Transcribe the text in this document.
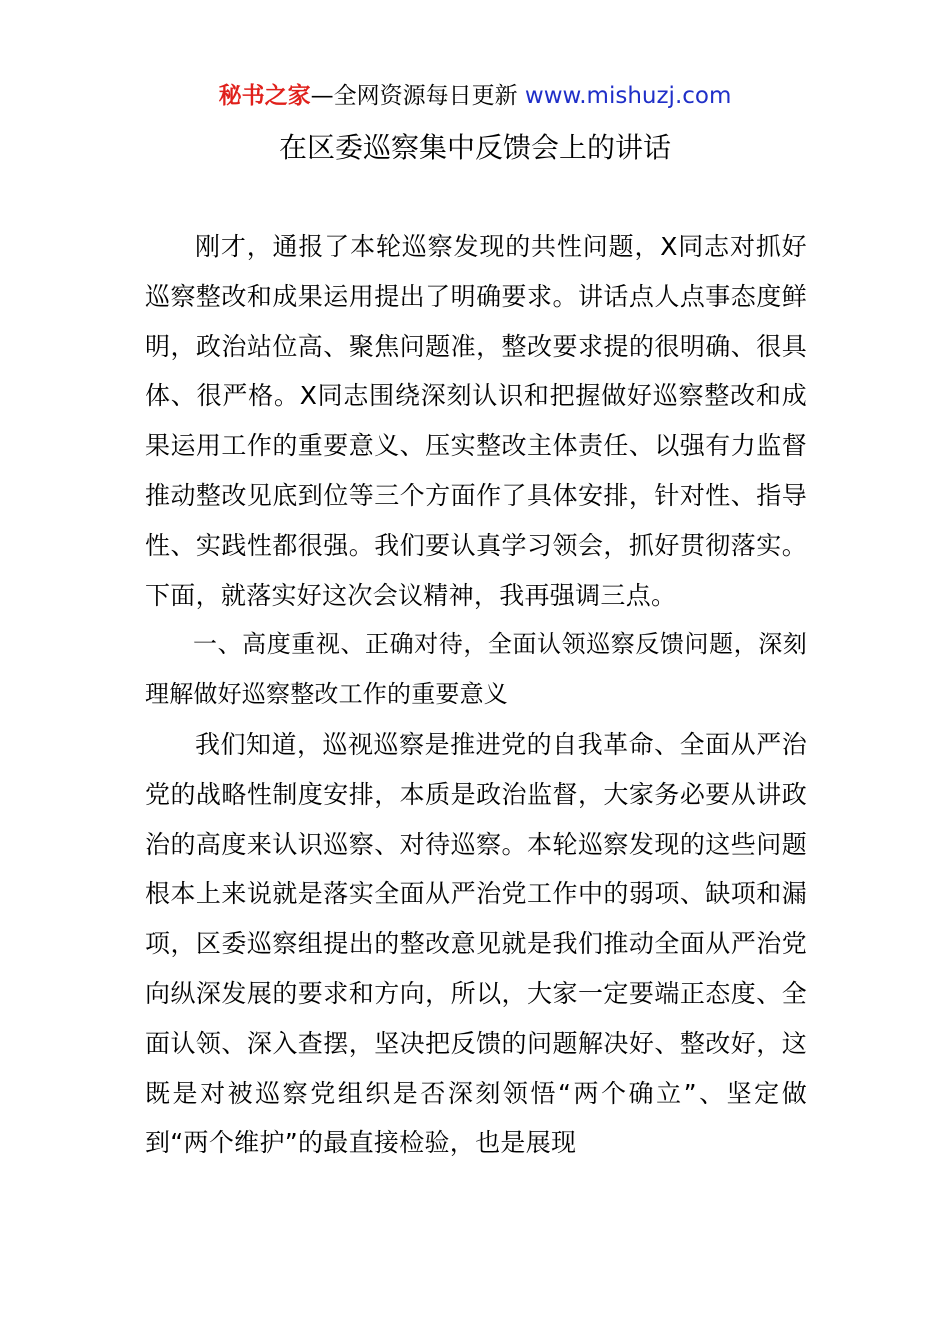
秘书之家—全网资源每日更新 www.mishuzj.com
在区委巡察集中反馈会上的讲话

刚才，通报了本轮巡察发现的共性问题，X同志对抓好巡察整改和成果运用提出了明确要求。讲话点人点事态度鲜明，政治站位高、聚焦问题准，整改要求提的很明确、很具体、很严格。X同志围绕深刻认识和把握做好巡察整改和成果运用工作的重要意义、压实整改主体责任、以强有力监督推动整改见底到位等三个方面作了具体安排，针对性、指导性、实践性都很强。我们要认真学习领会，抓好贯彻落实。下面，就落实好这次会议精神，我再强调三点。

一、高度重视、正确对待，全面认领巡察反馈问题，深刻理解做好巡察整改工作的重要意义

我们知道，巡视巡察是推进党的自我革命、全面从严治党的战略性制度安排，本质是政治监督，大家务必要从讲政治的高度来认识巡察、对待巡察。本轮巡察发现的这些问题根本上来说就是落实全面从严治党工作中的弱项、缺项和漏项，区委巡察组提出的整改意见就是我们推动全面从严治党向纵深发展的要求和方向，所以，大家一定要端正态度、全面认领、深入查摆，坚决把反馈的问题解决好、整改好，这既是对被巡察党组织是否深刻领悟“两个确立”、坚定做到“两个维护”的最直接检验，也是展现
